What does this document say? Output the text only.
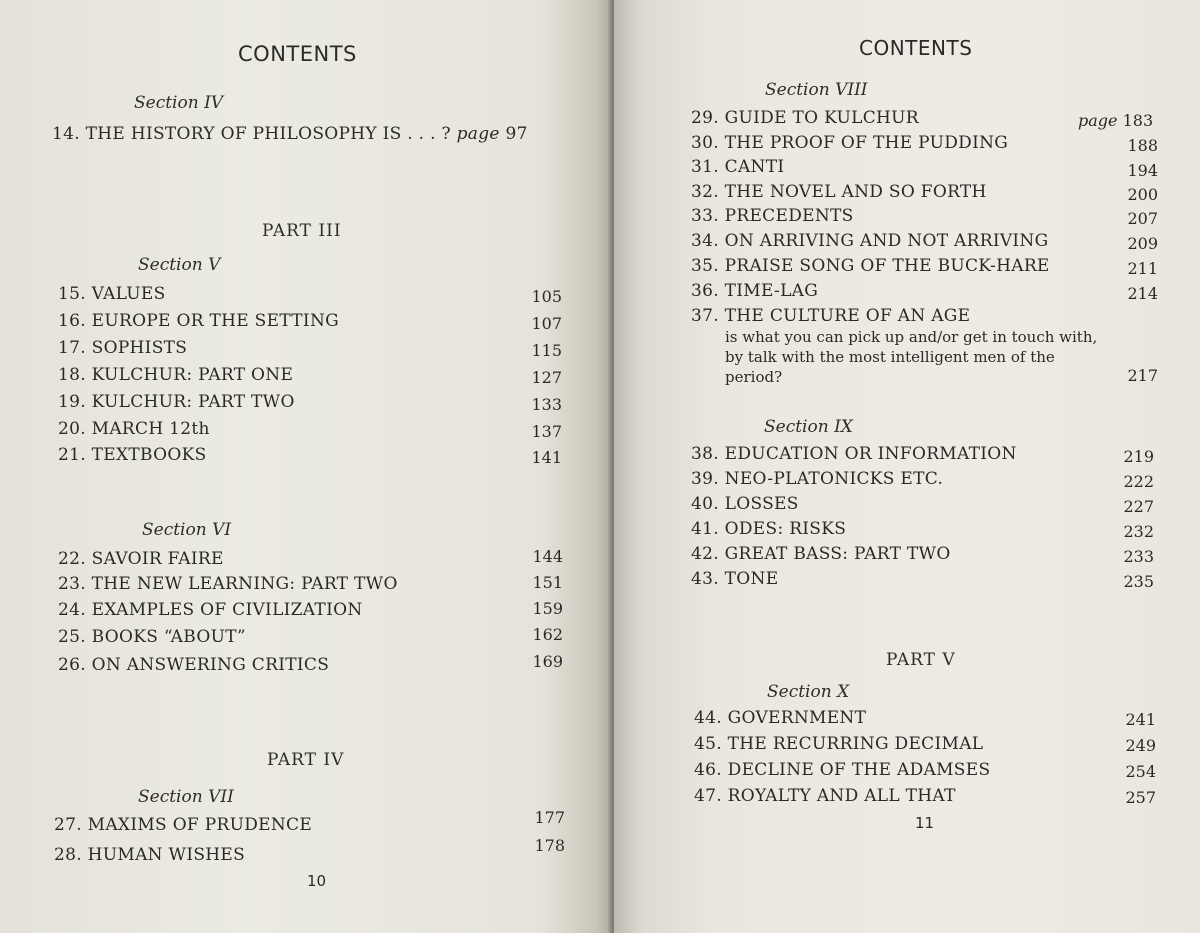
CONTENTS
Section IV
14. THE HISTORY OF PHILOSOPHY IS . . . ? page 97
PART III
Section V
15. VALUES	105
16. EUROPE OR THE SETTING	107
17. SOPHISTS	115
18. KULCHUR: PART ONE	127
19. KULCHUR: PART TWO	133
20. MARCH 12th	137
21. TEXTBOOKS	141
Section VI
22. SAVOIR FAIRE	144
23. THE NEW LEARNING: PART TWO	151
24. EXAMPLES OF CIVILIZATION	159
25. BOOKS “ABOUT”	162
26. ON ANSWERING CRITICS	169
PART IV
Section VII
27. MAXIMS OF PRUDENCE	177
28. HUMAN WISHES	178
10
CONTENTS
Section VIII
29. GUIDE TO KULCHUR	page 183
30. THE PROOF OF THE PUDDING	188
31. CANTI	194
32. THE NOVEL AND SO FORTH	200
33. PRECEDENTS	207
34. ON ARRIVING AND NOT ARRIVING	209
35. PRAISE SONG OF THE BUCK-HARE	211
36. TIME-LAG	214
37. THE CULTURE OF AN AGE
is what you can pick up and/or get in touch with, by talk with the most intelligent men of the period?	217
Section IX
38. EDUCATION OR INFORMATION	219
39. NEO-PLATONICKS ETC.	222
40. LOSSES	227
41. ODES: RISKS	232
42. GREAT BASS: PART TWO	233
43. TONE	235
PART V
Section X
44. GOVERNMENT	241
45. THE RECURRING DECIMAL	249
46. DECLINE OF THE ADAMSES	254
47. ROYALTY AND ALL THAT	257
11
